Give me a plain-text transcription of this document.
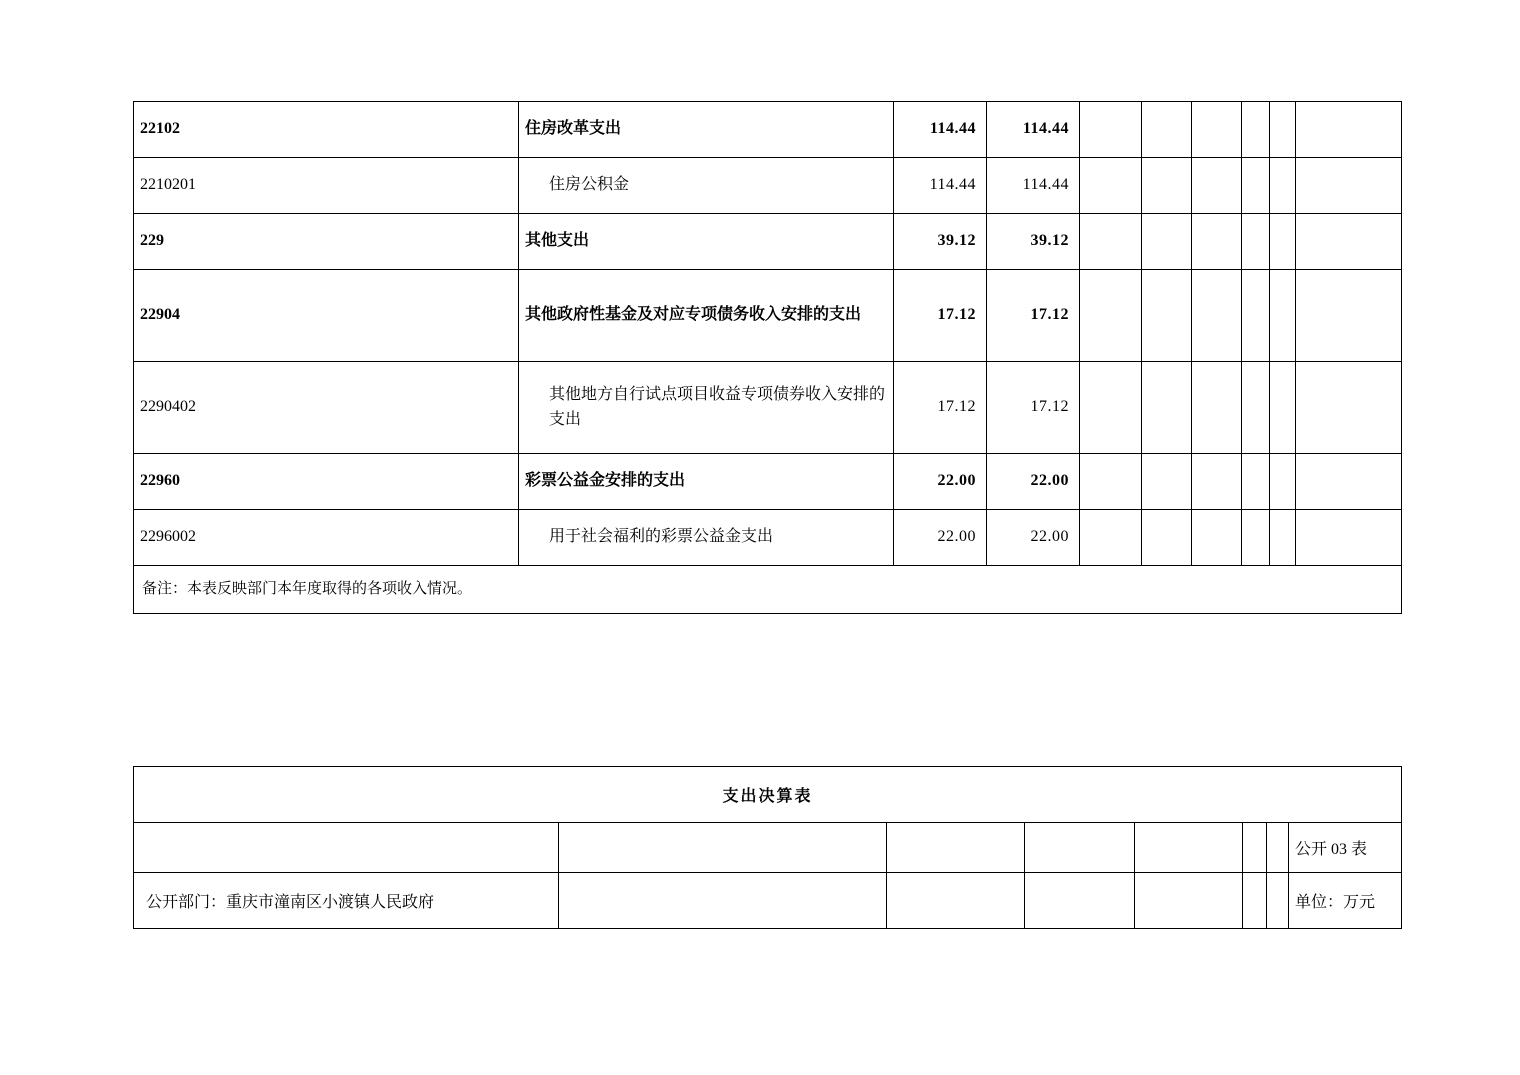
22102	住房改革支出	114.44	114.44						
2210201	住房公积金	114.44	114.44						
229	其他支出	39.12	39.12						
22904	其他政府性基金及对应专项债务收入安排的支出	17.12	17.12						
2290402	其他地方自行试点项目收益专项债券收入安排的支出	17.12	17.12						
22960	彩票公益金安排的支出	22.00	22.00						
2296002	用于社会福利的彩票公益金支出	22.00	22.00						
备注：本表反映部门本年度取得的各项收入情况。									
支出决算表							
							公开 03 表
公开部门：重庆市潼南区小渡镇人民政府							单位：万元
